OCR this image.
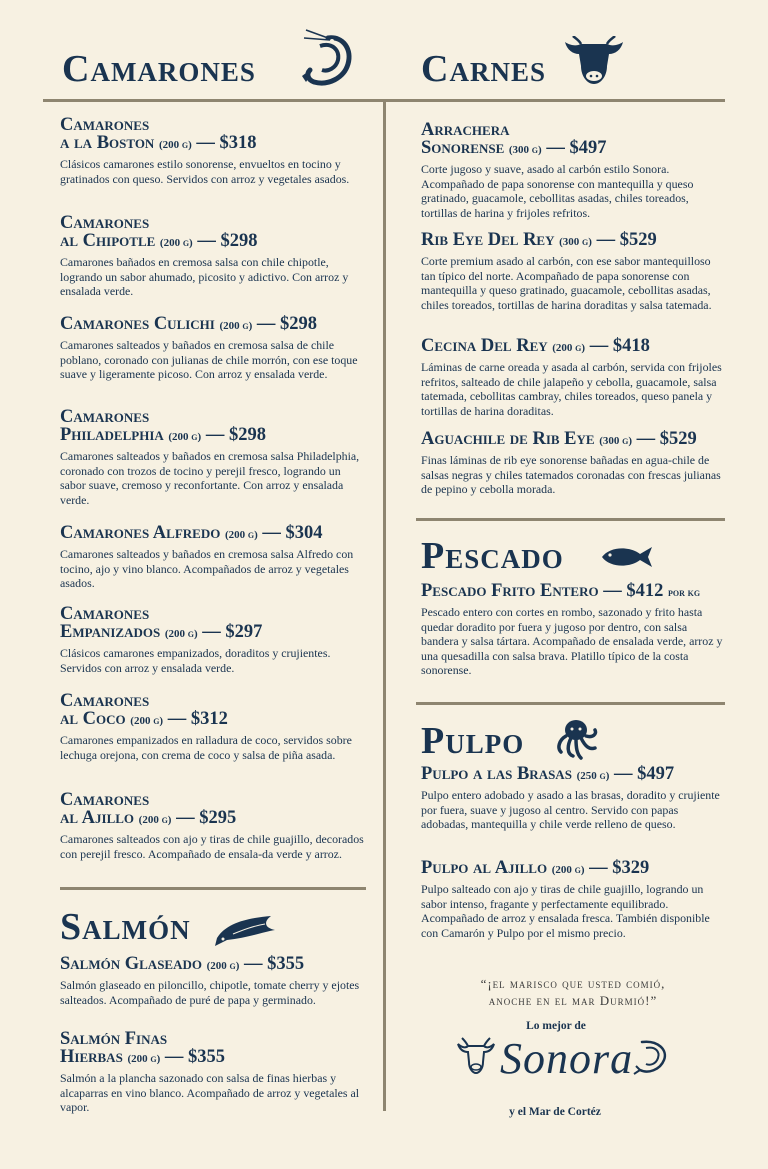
Camarones	Carnes
Salmón
Pescado
Pulpo

Camarones
a la Boston (200 g) — $318

Clásicos camarones estilo sonorense, envueltos en tocino y gratinados con queso. Servidos con arroz y vegetales asados.

Camarones
al Chipotle (200 g) — $298

Camarones bañados en cremosa salsa con chile chipotle, logrando un sabor ahumado, picosito y adictivo. Con arroz y ensalada verde.

Camarones Culichi (200 g) — $298

Camarones salteados y bañados en cremosa salsa de chile poblano, coronado con julianas de chile morrón, con ese toque suave y ligeramente picoso. Con arroz y ensalada verde.

Camarones
Philadelphia (200 g) — $298

Camarones salteados y bañados en cremosa salsa Philadelphia, coronado con trozos de tocino y perejil fresco, logrando un sabor suave, cremoso y reconfortante. Con arroz y ensalada verde.

Camarones Alfredo (200 g) — $304

Camarones salteados y bañados en cremosa salsa Alfredo con tocino, ajo y vino blanco. Acompañados de arroz y vegetales asados.

Camarones
Empanizados (200 g) — $297

Clásicos camarones empanizados, doraditos y crujientes. Servidos con arroz y ensalada verde.

Camarones
al Coco (200 g) — $312

Camarones empanizados en ralladura de coco, servidos sobre lechuga orejona, con crema de coco y salsa de piña asada.

Camarones
al Ajillo (200 g) — $295

Camarones salteados con ajo y tiras de chile guajillo, decorados con perejil fresco. Acompañado de ensala-da verde y arroz.

Salmón Glaseado (200 g) — $355

Salmón glaseado en piloncillo, chipotle, tomate cherry y ejotes salteados. Acompañado de puré de papa y germinado.

Salmón Finas
Hierbas (200 g) — $355

Salmón a la plancha sazonado con salsa de finas hierbas y alcaparras en vino blanco. Acompañado de arroz y vegetales al vapor.

Arrachera
Sonorense (300 g) — $497

Corte jugoso y suave, asado al carbón estilo Sonora. Acompañado de papa sonorense con mantequilla y queso gratinado, guacamole, cebollitas asadas, chiles toreados, tortillas de harina y frijoles refritos.

Rib Eye Del Rey (300 g) — $529

Corte premium asado al carbón, con ese sabor mantequilloso tan típico del norte. Acompañado de papa sonorense con mantequilla y queso gratinado, guacamole, cebollitas asadas, chiles toreados, tortillas de harina doraditas y salsa tatemada.

Cecina Del Rey (200 g) — $418

Láminas de carne oreada y asada al carbón, servida con frijoles refritos, salteado de chile jalapeño y cebolla, guacamole, salsa tatemada, cebollitas cambray, chiles toreados, queso panela y tortillas de harina doraditas.

Aguachile de Rib Eye (300 g) — $529

Finas láminas de rib eye sonorense bañadas en agua-chile de salsas negras y chiles tatemados coronadas con frescas julianas de pepino y cebolla morada.

Pescado Frito Entero — $412 por kg

Pescado entero con cortes en rombo, sazonado y frito hasta quedar doradito por fuera y jugoso por dentro, con salsa bandera y salsa tártara. Acompañado de ensalada verde, arroz y una quesadilla con salsa brava. Platillo típico de la costa sonorense.

Pulpo a las Brasas (250 g) — $497

Pulpo entero adobado y asado a las brasas, doradito y crujiente por fuera, suave y jugoso al centro. Servido con papas adobadas, mantequilla y chile verde relleno de queso.

Pulpo al Ajillo (200 g) — $329

Pulpo salteado con ajo y tiras de chile guajillo, logrando un sabor intenso, fragante y perfectamente equilibrado. Acompañado de arroz y ensalada fresca. También disponible con Camarón y Pulpo por el mismo precio.

“¡el marisco que usted comió,
anoche en el mar Durmió!”
Lo mejor de
Sonora
y el Mar de Cortéz
